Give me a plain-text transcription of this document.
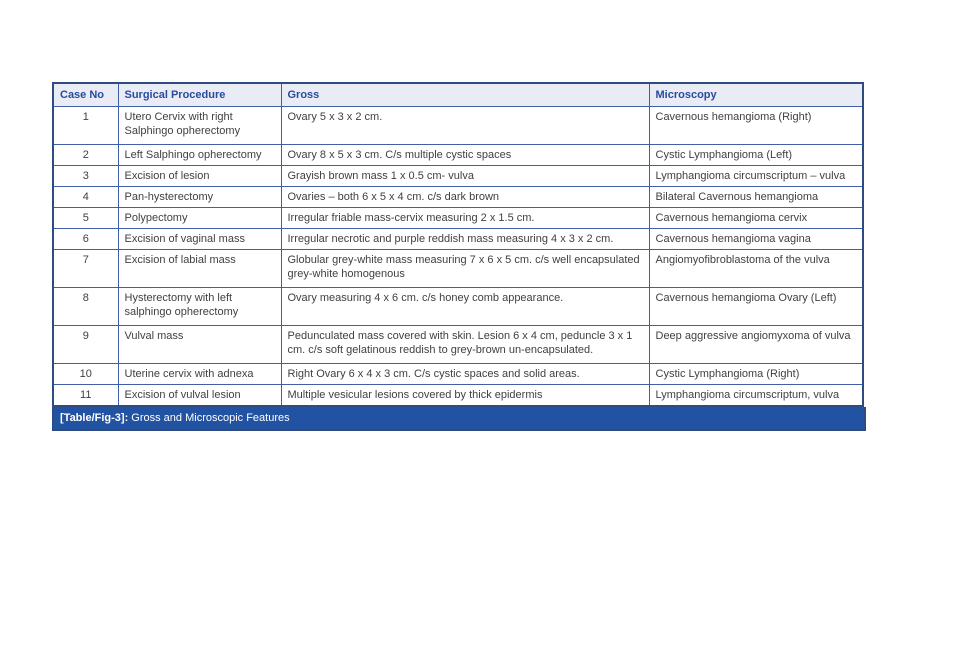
Case No	Surgical Procedure	Gross	Microscopy
1	Utero Cervix with right Salphingo opherectomy	Ovary 5 x 3 x 2 cm.	Cavernous hemangioma (Right)
2	Left Salphingo opherectomy	Ovary 8 x 5 x 3 cm. C/s multiple cystic spaces	Cystic Lymphangioma (Left)
3	Excision of lesion	Grayish brown mass 1 x 0.5 cm- vulva	Lymphangioma circumscriptum – vulva
4	Pan-hysterectomy	Ovaries – both 6 x 5 x 4 cm. c/s dark brown	Bilateral Cavernous hemangioma
5	Polypectomy	Irregular friable mass-cervix measuring 2 x 1.5 cm.	Cavernous hemangioma cervix
6	Excision of vaginal mass	Irregular necrotic and purple reddish mass measuring 4 x 3 x 2 cm.	Cavernous hemangioma vagina
7	Excision of labial mass	Globular grey-white mass measuring 7 x 6 x 5 cm. c/s well encapsulated grey-white homogenous	Angiomyofibroblastoma of the vulva
8	Hysterectomy with left salphingo opherectomy	Ovary measuring 4 x 6 cm. c/s honey comb appearance.	Cavernous hemangioma Ovary (Left)
9	Vulval mass	Pedunculated mass covered with skin. Lesion 6 x 4 cm, peduncle 3 x 1 cm. c/s soft gelatinous reddish to grey-brown un-encapsulated.	Deep aggressive angiomyxoma of vulva
10	Uterine cervix with adnexa	Right Ovary 6 x 4 x 3 cm. C/s cystic spaces and solid areas.	Cystic Lymphangioma (Right)
11	Excision of vulval lesion	Multiple vesicular lesions covered by thick epidermis	Lymphangioma circumscriptum, vulva
[Table/Fig-3]: Gross and Microscopic Features
